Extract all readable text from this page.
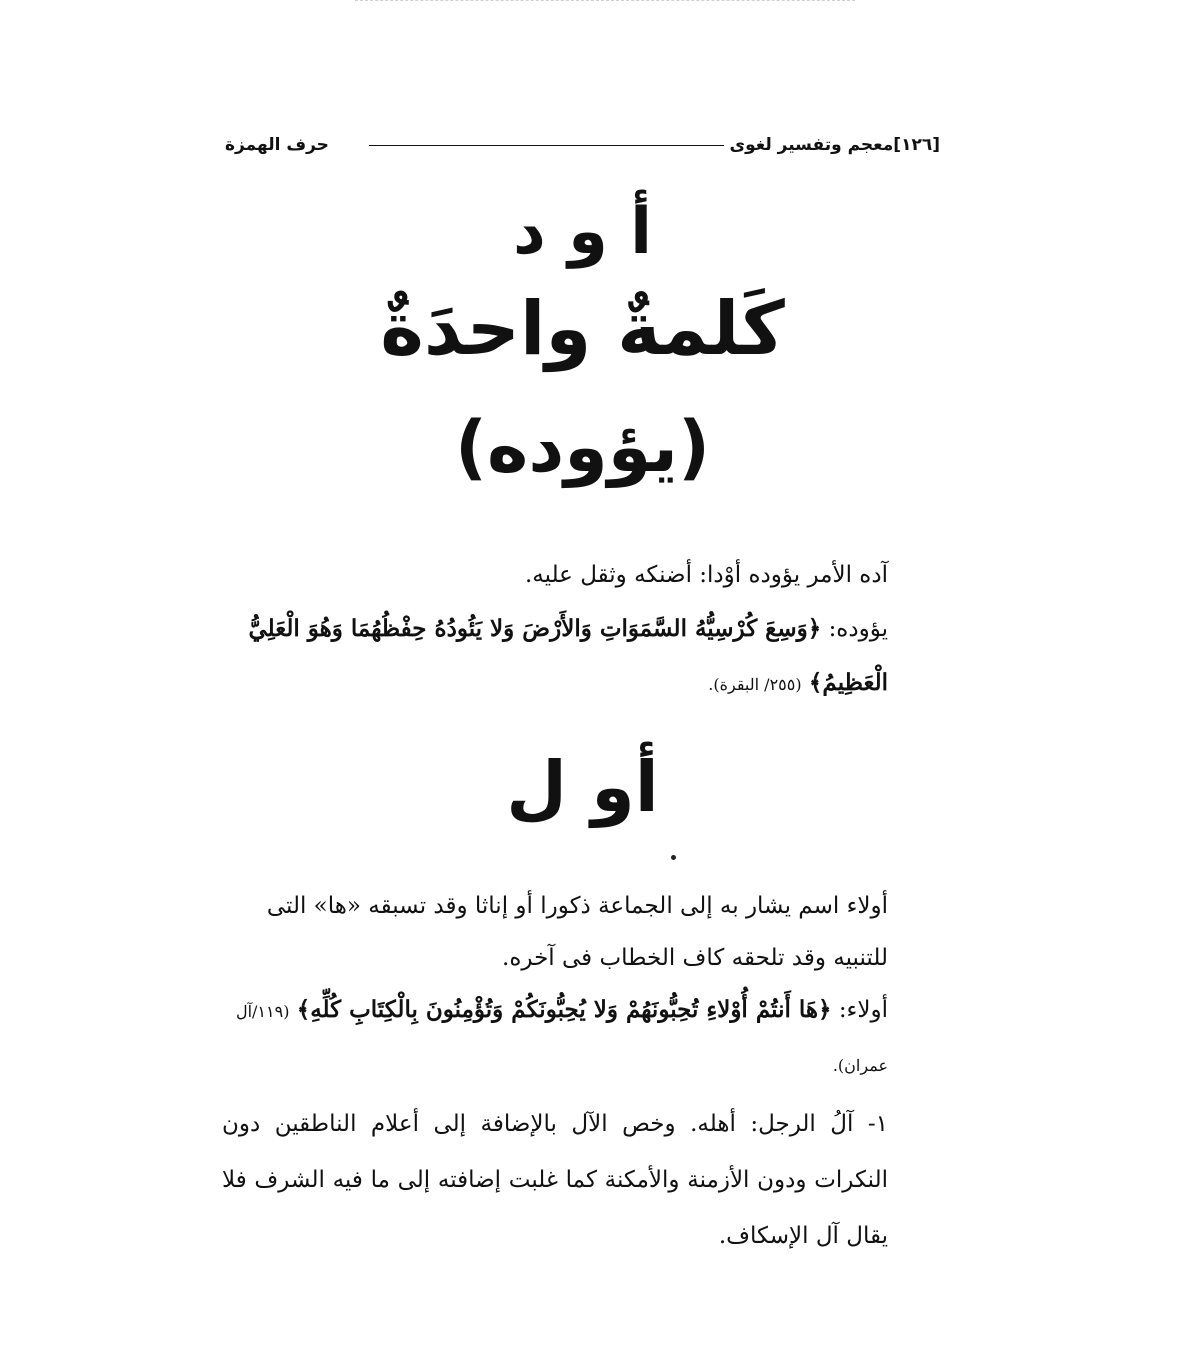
[١٢٦]
معجم وتفسير لغوى
حرف الهمزة
أ و د
كَلمةٌ واحدَةٌ
(يؤوده)

آده الأمر يؤوده أوْدا: أضنكه وثقل عليه.

يؤوده: ﴿وَسِعَ كُرْسِيُّهُ السَّمَوَاتِ وَالأَرْضَ وَلا يَئُودُهُ حِفْظُهُمَا وَهُوَ الْعَلِيُّ الْعَظِيمُ﴾ (٢٥٥/ البقرة).

أو ل

أولاء اسم يشار به إلى الجماعة ذكورا أو إناثا وقد تسبقه «ها» التى للتنبيه وقد تلحقه كاف الخطاب فى آخره.

أولاء: ﴿هَا أَنتُمْ أُوْلاءِ تُحِبُّونَهُمْ وَلا يُحِبُّونَكُمْ وَتُؤْمِنُونَ بِالْكِتَابِ كُلِّهِ﴾ (١١٩/آل عمران).

١- آلُ الرجل: أهله. وخص الآل بالإضافة إلى أعلام الناطقين دون النكرات ودون الأزمنة والأمكنة كما غلبت إضافته إلى ما فيه الشرف فلا يقال آل الإسكاف.
